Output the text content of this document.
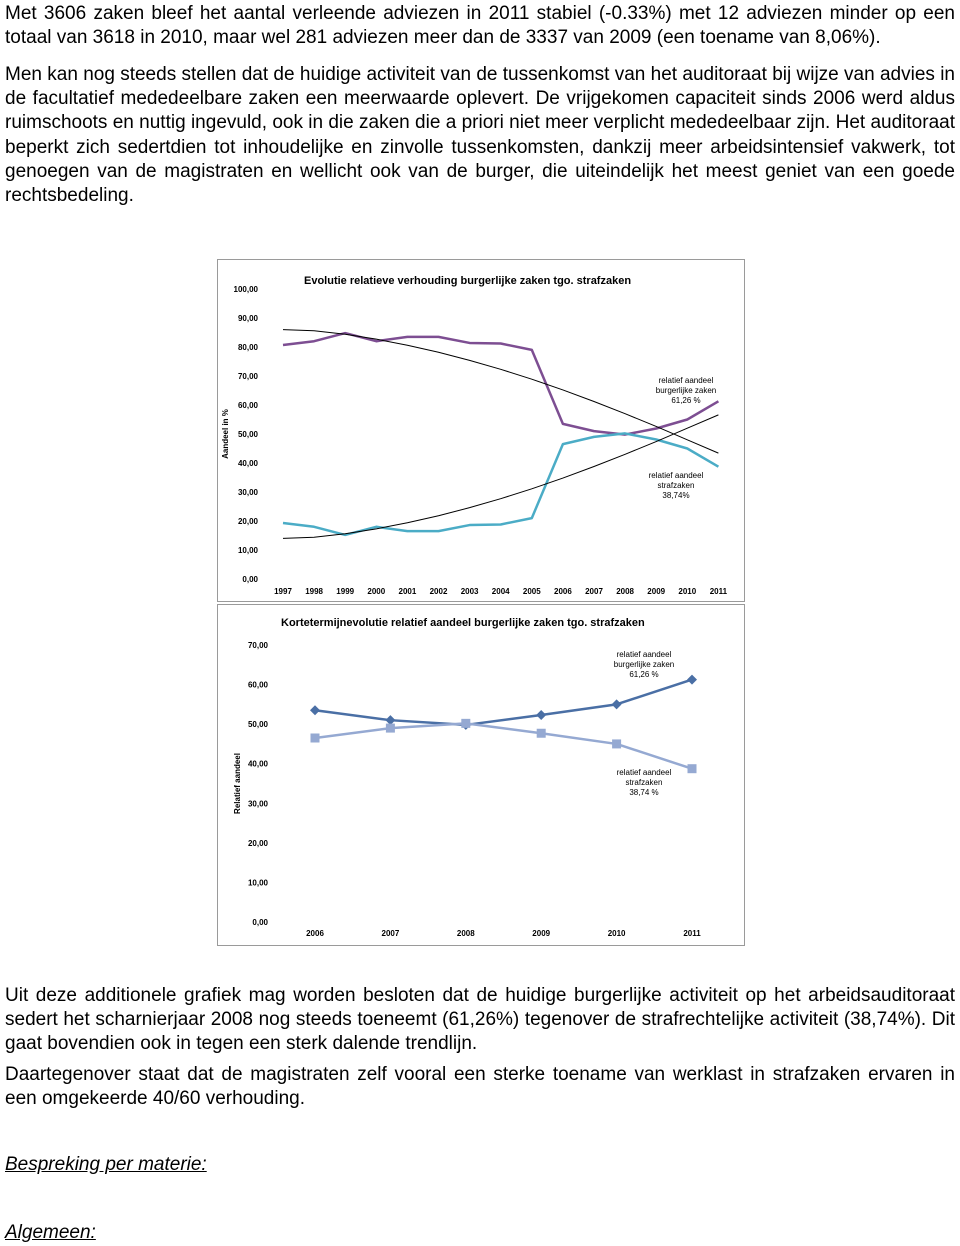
Met 3606 zaken bleef het aantal verleende adviezen in 2011 stabiel (-0.33%) met 12 adviezen minder op een totaal van 3618 in 2010, maar wel 281 adviezen meer dan de 3337 van 2009 (een toename van 8,06%).

Men kan nog steeds stellen dat de huidige activiteit van de tussenkomst van het auditoraat bij wijze van advies in de facultatief mededeelbare zaken een meerwaarde oplevert. De vrijgekomen capaciteit sinds 2006 werd aldus ruimschoots en nuttig ingevuld, ook in die zaken die a priori niet meer verplicht mededeelbaar zijn. Het auditoraat beperkt zich sedertdien tot inhoudelijke en zinvolle tussenkomsten, dankzij meer arbeidsintensief vakwerk, tot genoegen van de magistraten en wellicht ook van de burger, die uiteindelijk het meest geniet van een goede rechtsbedeling.

Evolutie relatieve verhouding burgerlijke zaken tgo. strafzaken
0,00
10,00
20,00
30,00
40,00
50,00
60,00
70,00
80,00
90,00
100,00
Aandeel in %
1997 1998 1999 2000 2001 2002 2003 2004 2005 2006 2007 2008 2009 2010 2011
relatief aandeel
burgerlijke zaken
61,26 %
relatief aandeel
strafzaken
38,74%
Kortetermijnevolutie relatief aandeel burgerlijke zaken tgo. strafzaken
0,00
10,00
20,00
30,00
40,00
50,00
60,00
70,00
Relatief aandeel
2006	2007	2008	2009	2010	2011
relatief aandeel
burgerlijke zaken
61,26 %
relatief aandeel
strafzaken
38,74 %

Uit deze additionele grafiek mag worden besloten dat de huidige burgerlijke activiteit op het arbeidsauditoraat sedert het scharnierjaar 2008 nog steeds toeneemt (61,26%) tegenover de strafrechtelijke activiteit (38,74%). Dit gaat bovendien ook in tegen een sterk dalende trendlijn.

Daartegenover staat dat de magistraten zelf vooral een sterke toename van werklast in strafzaken ervaren in een omgekeerde 40/60 verhouding.

Bespreking per materie:

Algemeen:
